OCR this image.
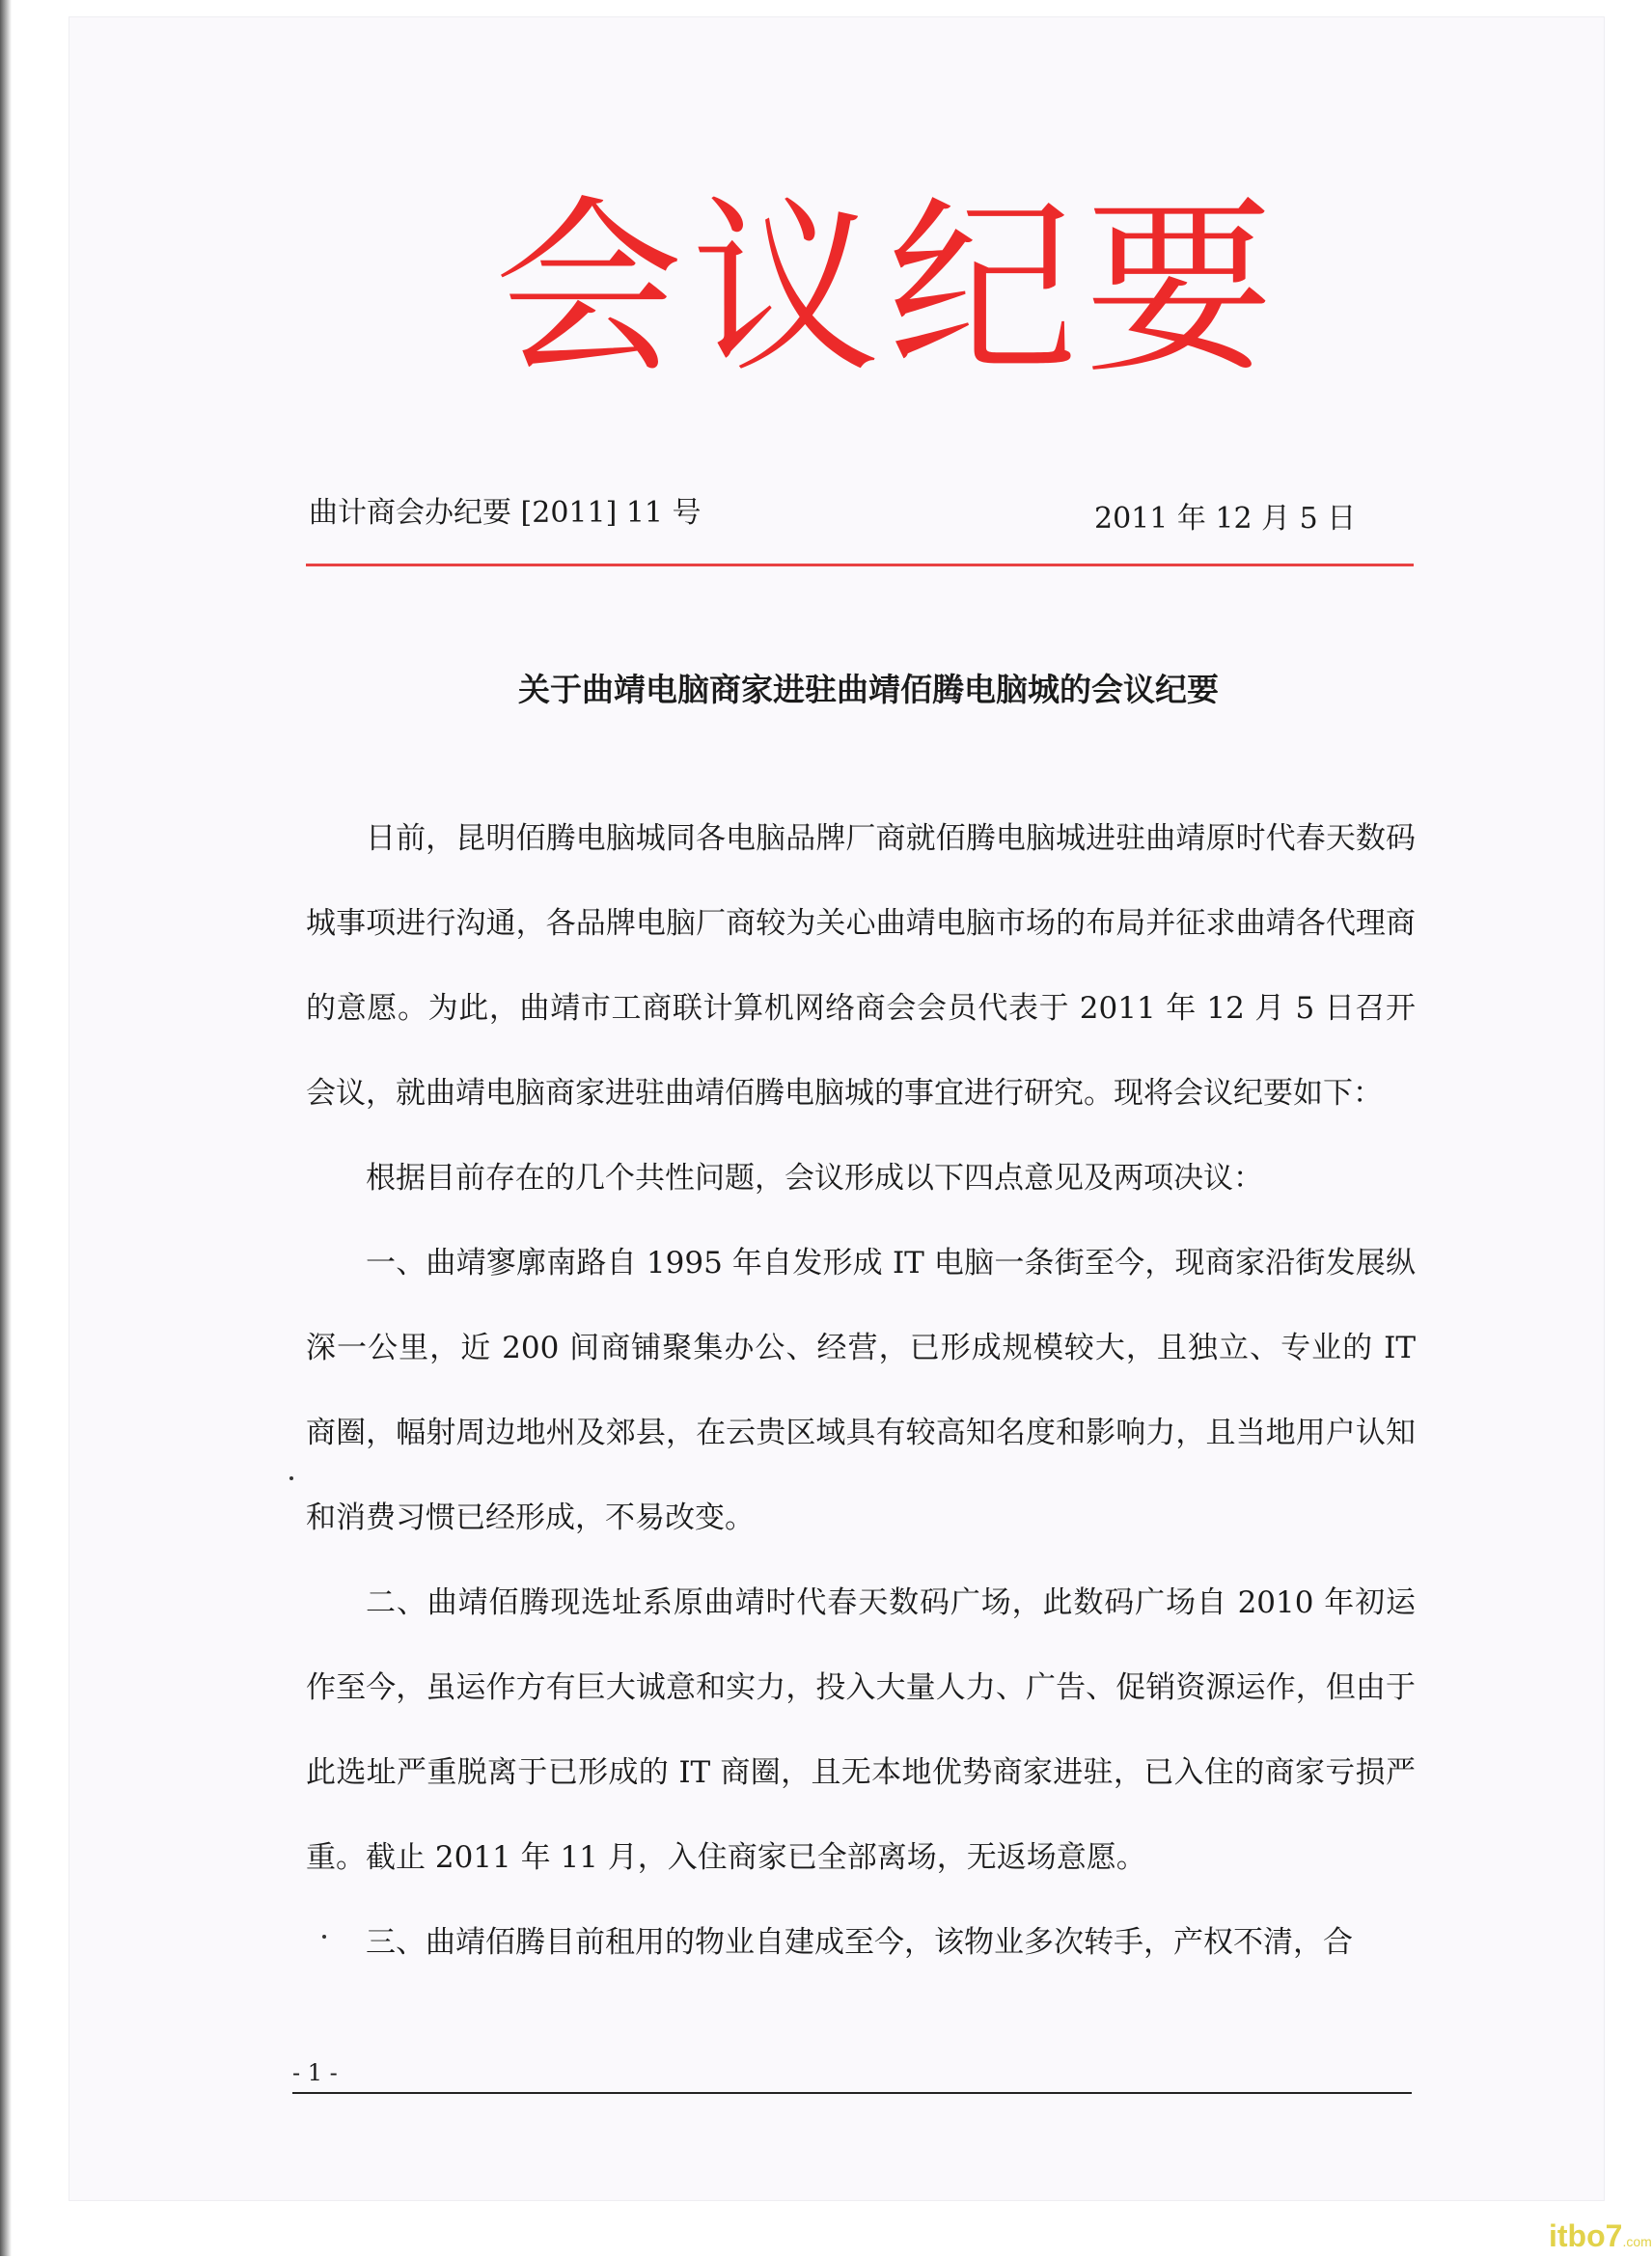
会议纪要
曲计商会办纪要 [2011] 11 号	2011 年 12 月 5 日
关于曲靖电脑商家进驻曲靖佰腾电脑城的会议纪要

日前，昆明佰腾电脑城同各电脑品牌厂商就佰腾电脑城进驻曲靖原时代春天数码城事项进行沟通，各品牌电脑厂商较为关心曲靖电脑市场的布局并征求曲靖各代理商的意愿。为此，曲靖市工商联计算机网络商会会员代表于 2011 年 12 月 5 日召开会议，就曲靖电脑商家进驻曲靖佰腾电脑城的事宜进行研究。现将会议纪要如下：

根据目前存在的几个共性问题，会议形成以下四点意见及两项决议：

一、曲靖寥廓南路自 1995 年自发形成 IT 电脑一条街至今，现商家沿街发展纵深一公里，近 200 间商铺聚集办公、经营，已形成规模较大，且独立、专业的 IT 商圈，幅射周边地州及郊县，在云贵区域具有较高知名度和影响力，且当地用户认知和消费习惯已经形成，不易改变。

二、曲靖佰腾现选址系原曲靖时代春天数码广场，此数码广场自 2010 年初运作至今，虽运作方有巨大诚意和实力，投入大量人力、广告、促销资源运作，但由于此选址严重脱离于已形成的 IT 商圈，且无本地优势商家进驻，已入住的商家亏损严重。截止 2011 年 11 月，入住商家已全部离场，无返场意愿。

三、曲靖佰腾目前租用的物业自建成至今，该物业多次转手，产权不清，合

- 1 -
itbo7.com
